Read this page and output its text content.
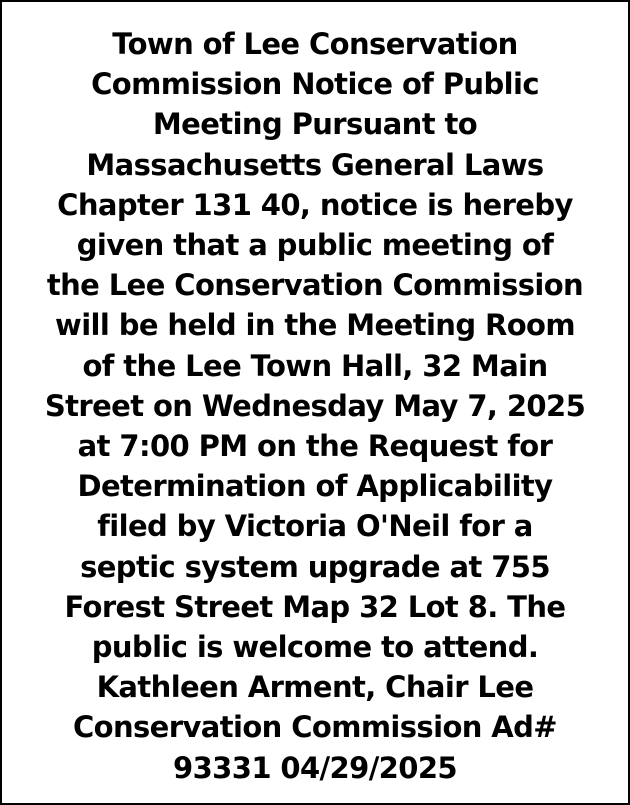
Town of Lee Conservation
Commission Notice of Public
Meeting Pursuant to
Massachusetts General Laws
Chapter 131 40, notice is hereby
given that a public meeting of
the Lee Conservation Commission
will be held in the Meeting Room
of the Lee Town Hall, 32 Main
Street on Wednesday May 7, 2025
at 7:00 PM on the Request for
Determination of Applicability
filed by Victoria O'Neil for a
septic system upgrade at 755
Forest Street Map 32 Lot 8. The
public is welcome to attend.
Kathleen Arment, Chair Lee
Conservation Commission Ad#
93331 04/29/2025
